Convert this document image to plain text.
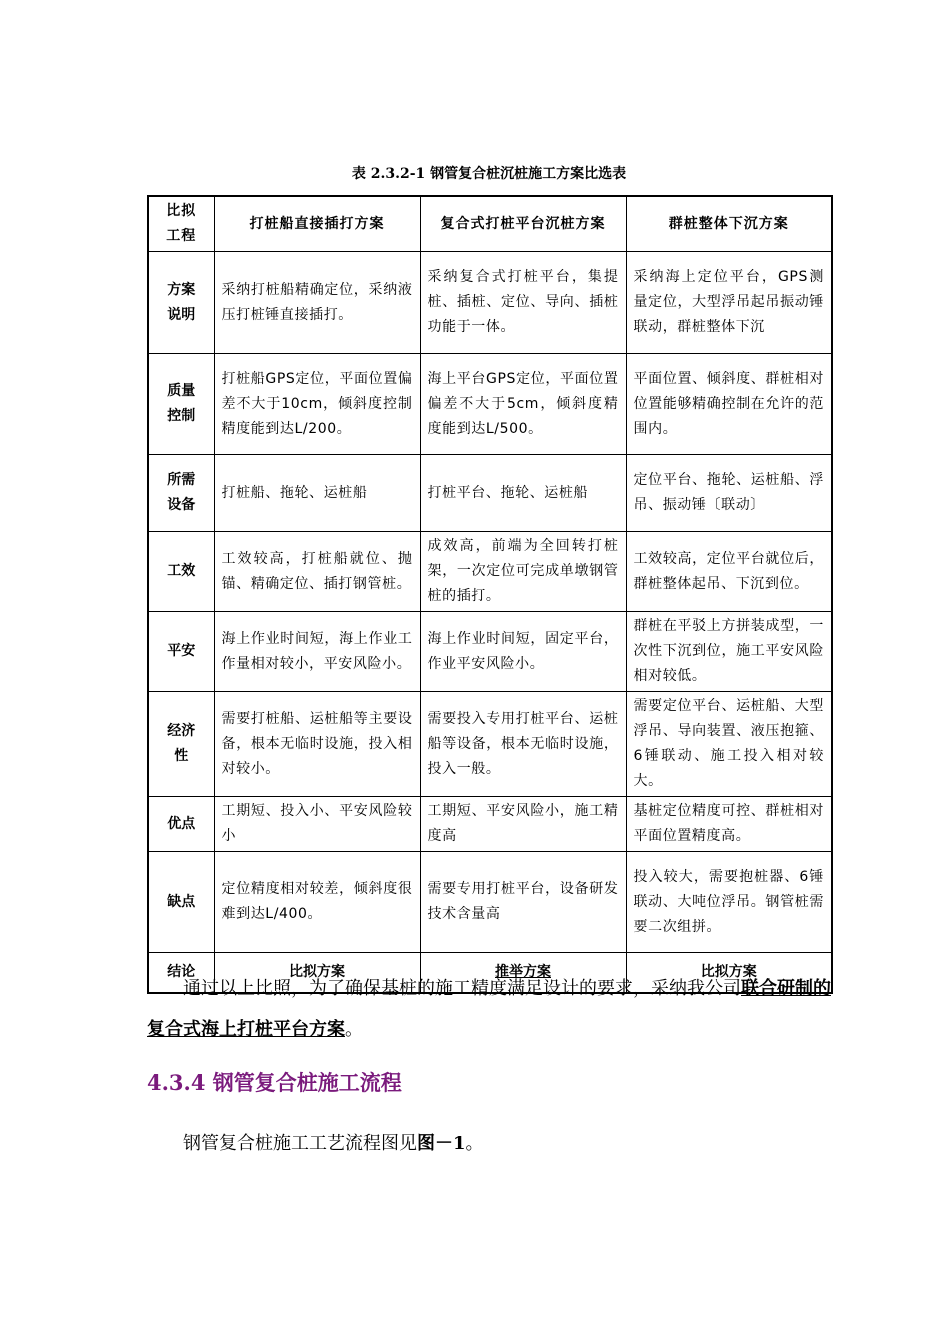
表 2.3.2-1 钢管复合桩沉桩施工方案比选表
比拟工程	打桩船直接插打方案	复合式打桩平台沉桩方案	群桩整体下沉方案
方案说明	采纳打桩船精确定位，采纳液压打桩锤直接插打。	采纳复合式打桩平台，集提桩、插桩、定位、导向、插桩功能于一体。	采纳海上定位平台，GPS测量定位，大型浮吊起吊振动锤联动，群桩整体下沉
质量控制	打桩船GPS定位，平面位置偏差不大于10cm，倾斜度控制精度能到达L/200。	海上平台GPS定位，平面位置偏差不大于5cm，倾斜度精度能到达L/500。	平面位置、倾斜度、群桩相对位置能够精确控制在允许的范围内。
所需设备	打桩船、拖轮、运桩船	打桩平台、拖轮、运桩船	定位平台、拖轮、运桩船、浮吊、振动锤〔联动〕
工效	工效较高，打桩船就位、抛锚、精确定位、插打钢管桩。	成效高，前端为全回转打桩架，一次定位可完成单墩钢管桩的插打。	工效较高，定位平台就位后，群桩整体起吊、下沉到位。
平安	海上作业时间短，海上作业工作量相对较小，平安风险小。	海上作业时间短，固定平台，作业平安风险小。	群桩在平驳上方拼装成型，一次性下沉到位，施工平安风险相对较低。
经济性	需要打桩船、运桩船等主要设备，根本无临时设施，投入相对较小。	需要投入专用打桩平台、运桩船等设备，根本无临时设施，投入一般。	需要定位平台、运桩船、大型浮吊、导向装置、液压抱箍、6锤联动、施工投入相对较大。
优点	工期短、投入小、平安风险较小	工期短、平安风险小，施工精度高	基桩定位精度可控、群桩相对平面位置精度高。
缺点	定位精度相对较差，倾斜度很难到达L/400。	需要专用打桩平台，设备研发技术含量高	投入较大，需要抱桩器、6锤联动、大吨位浮吊。钢管桩需要二次组拼。
结论	比拟方案	推举方案	比拟方案
通过以上比照，为了确保基桩的施工精度满足设计的要求，采纳我公司联合研制的复合式海上打桩平台方案。
4.3.4 钢管复合桩施工流程
钢管复合桩施工工艺流程图见图－1。
